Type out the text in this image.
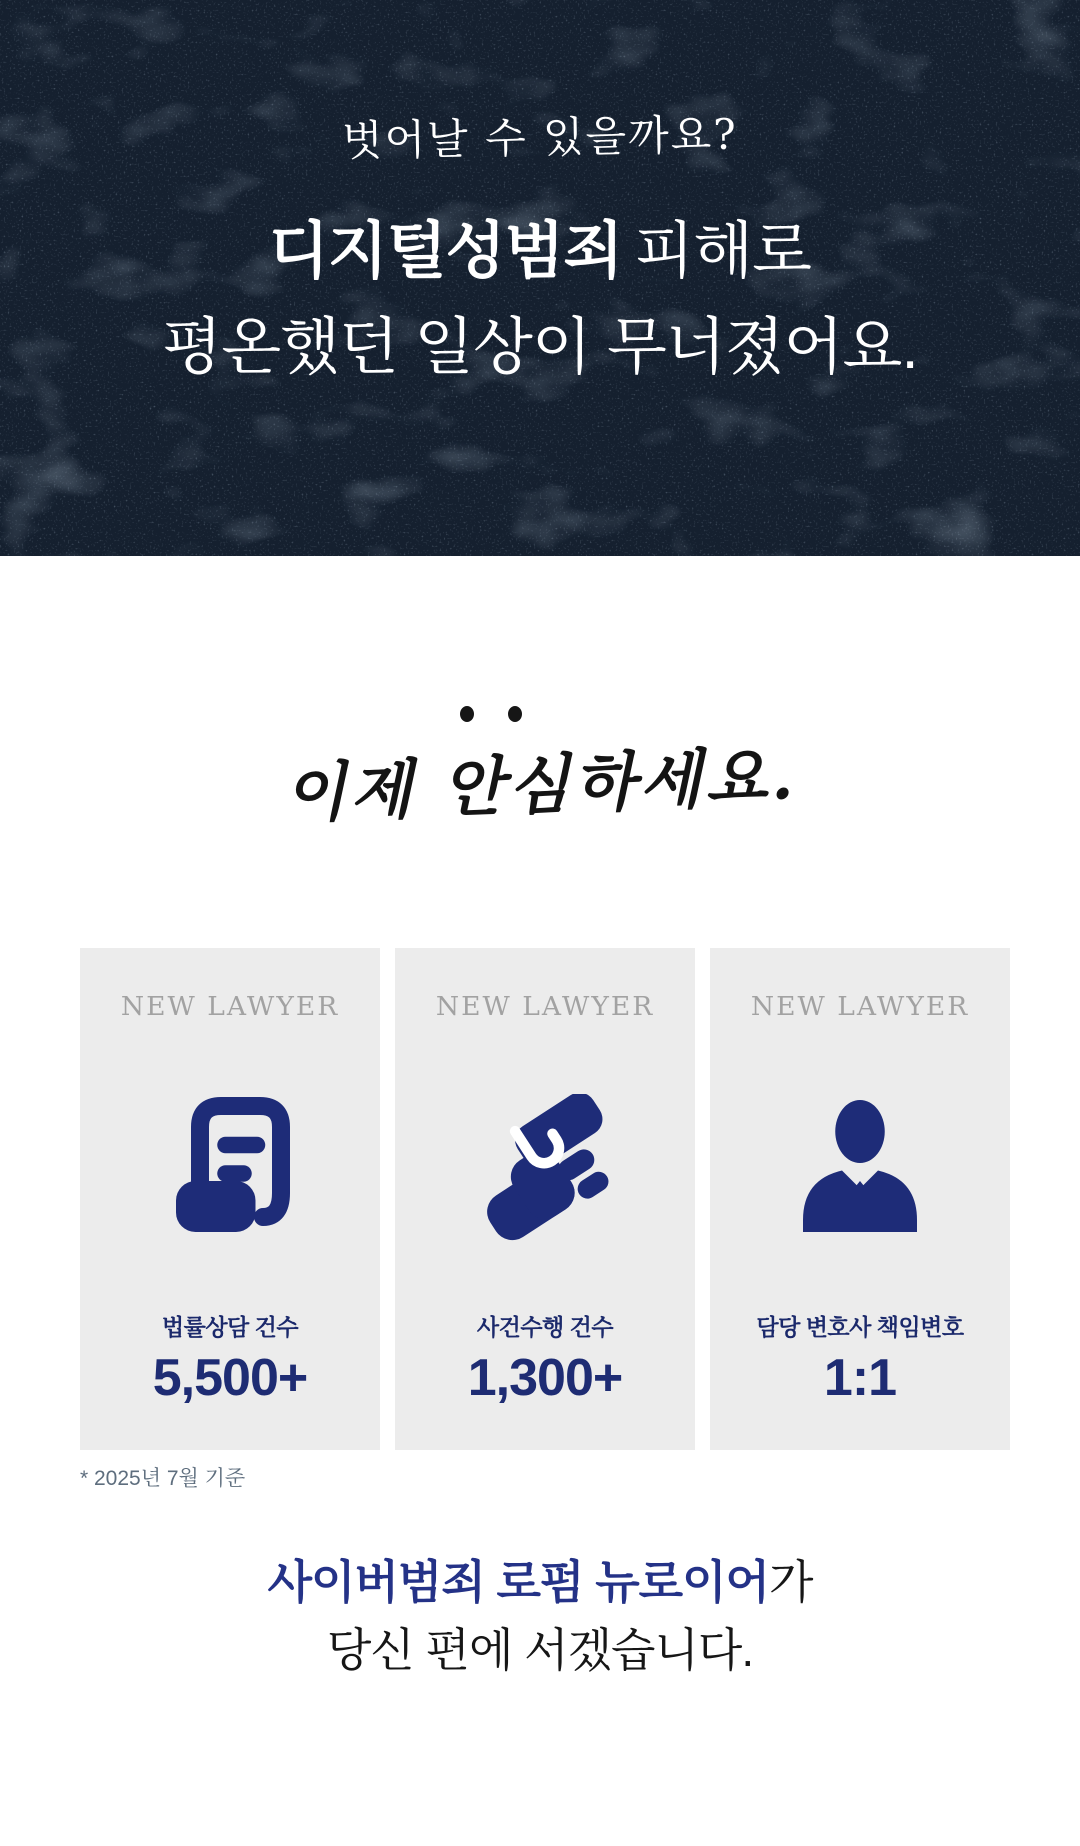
벗어날 수 있을까요?
디지털성범죄 피해로
평온했던 일상이 무너졌어요.
이제 안심하세요.
NEW LAWYER
법률상담 건수
5,500+
NEW LAWYER
사건수행 건수
1,300+
NEW LAWYER
담당 변호사 책임변호
1:1
* 2025년 7월 기준
사이버범죄 로펌 뉴로이어가
당신 편에 서겠습니다.
